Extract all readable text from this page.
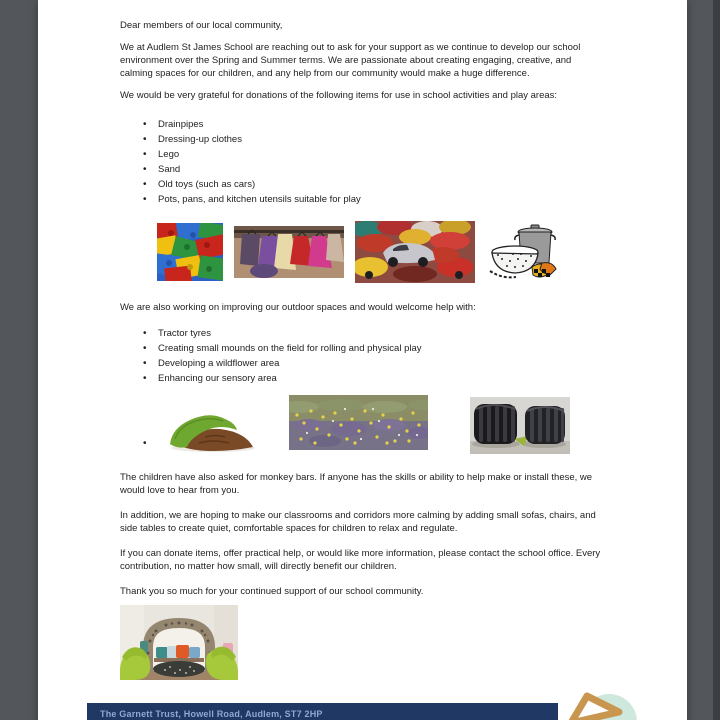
Dear members of our local community,

We at Audlem St James School are reaching out to ask for your support as we continue to develop our school environment over the Spring and Summer terms. We are passionate about creating engaging, creative, and calming spaces for our children, and any help from our community would make a huge difference.

We would be very grateful for donations of the following items for use in school activities and play areas:

• Drainpipes
• Dressing-up clothes
• Lego
• Sand
• Old toys (such as cars)
• Pots, pans, and kitchen utensils suitable for play

We are also working on improving our outdoor spaces and would welcome help with:

• Tractor tyres
• Creating small mounds on the field for rolling and physical play
• Developing a wildflower area
• Enhancing our sensory area
•

The children have also asked for monkey bars. If anyone has the skills or ability to help make or install these, we would love to hear from you.

In addition, we are hoping to make our classrooms and corridors more calming by adding small sofas, chairs, and side tables to create quiet, comfortable spaces for children to relax and regulate.

If you can donate items, offer practical help, or would like more information, please contact the school office. Every contribution, no matter how small, will directly benefit our children.

Thank you so much for your continued support of our school community.

The Garnett Trust, Howell Road, Audlem, ST7 2HP
